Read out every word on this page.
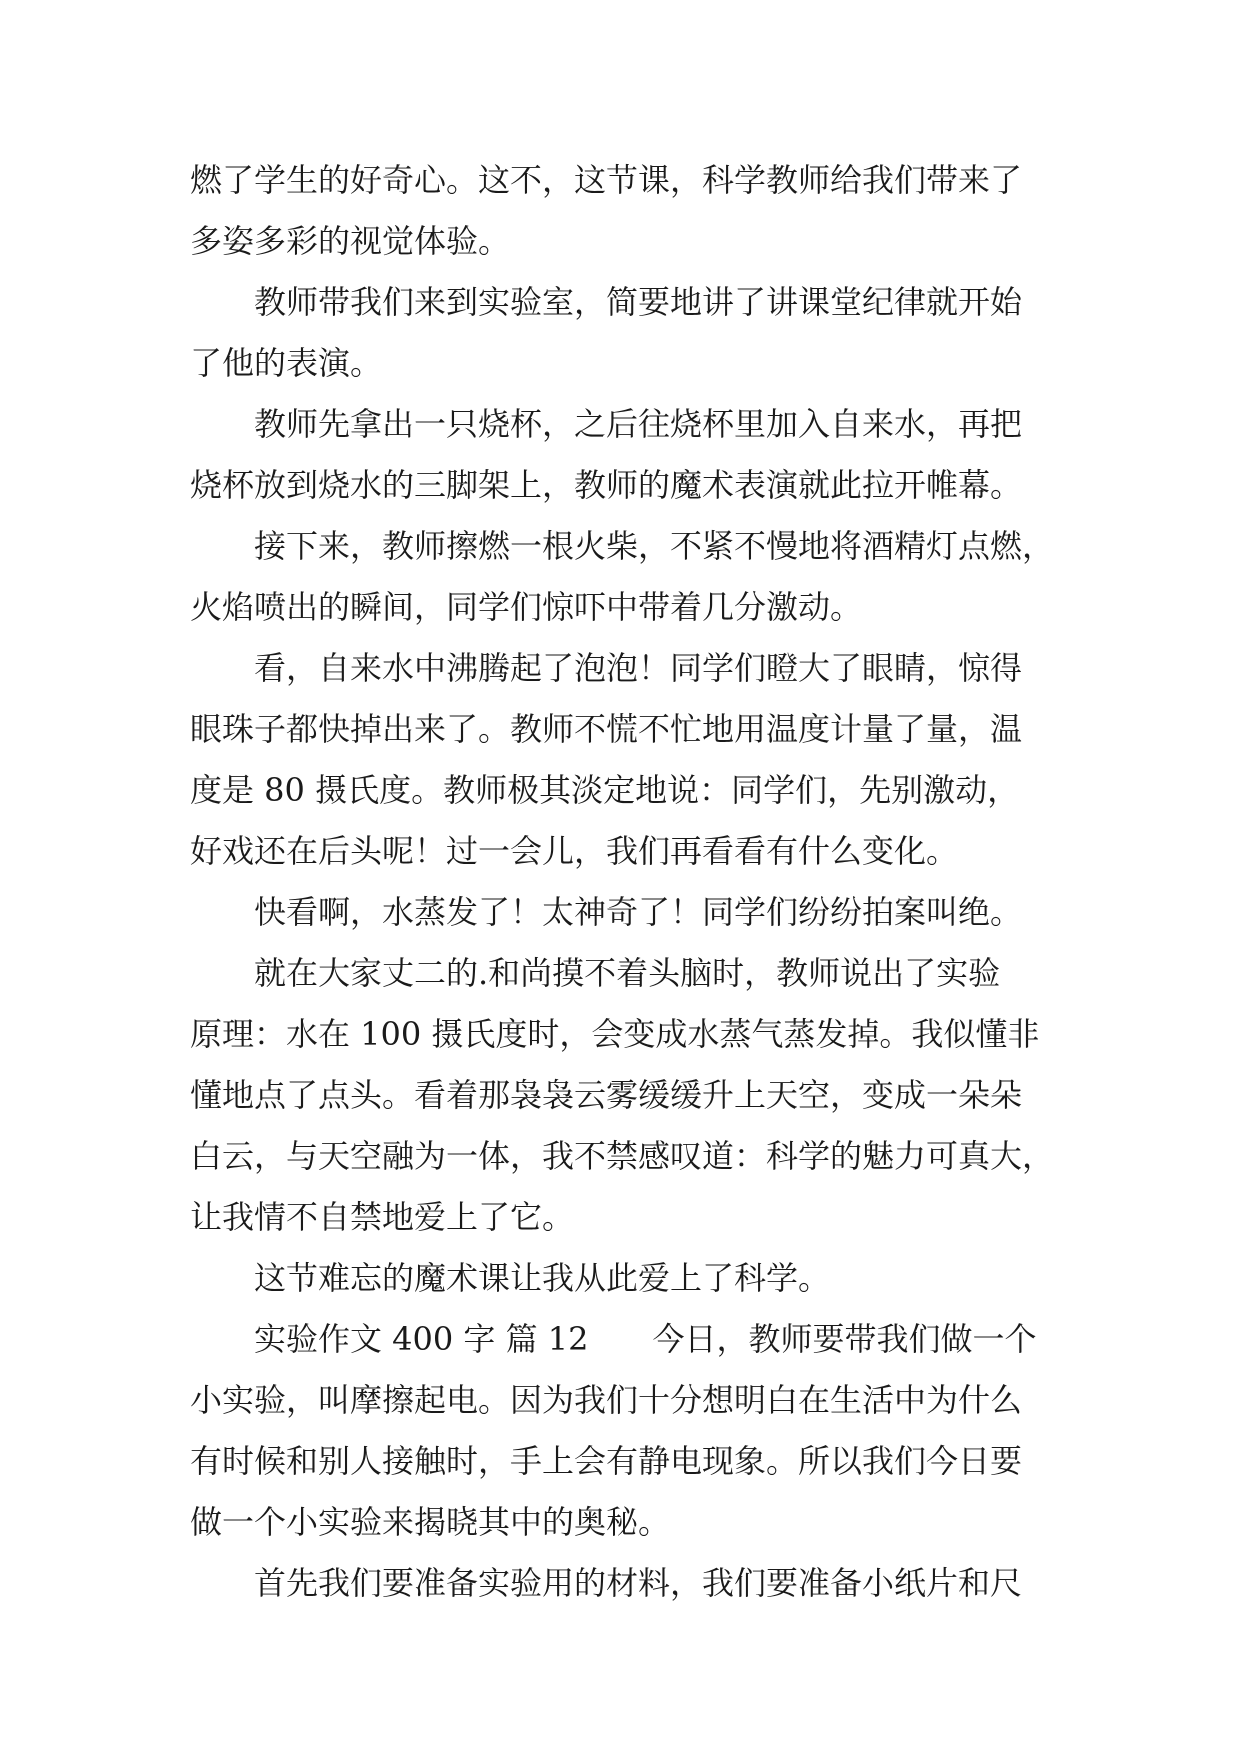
燃了学生的好奇心。这不，这节课，科学教师给我们带来了

多姿多彩的视觉体验。

教师带我们来到实验室，简要地讲了讲课堂纪律就开始

了他的表演。

教师先拿出一只烧杯，之后往烧杯里加入自来水，再把

烧杯放到烧水的三脚架上，教师的魔术表演就此拉开帷幕。

接下来，教师擦燃一根火柴，不紧不慢地将酒精灯点燃，

火焰喷出的瞬间，同学们惊吓中带着几分激动。

看，自来水中沸腾起了泡泡！同学们瞪大了眼睛，惊得

眼珠子都快掉出来了。教师不慌不忙地用温度计量了量，温

度是 80 摄氏度。教师极其淡定地说：同学们，先别激动，

好戏还在后头呢！过一会儿，我们再看看有什么变化。

快看啊，水蒸发了！太神奇了！同学们纷纷拍案叫绝。

就在大家丈二的.和尚摸不着头脑时，教师说出了实验

原理：水在 100 摄氏度时，会变成水蒸气蒸发掉。我似懂非

懂地点了点头。看着那袅袅云雾缓缓升上天空，变成一朵朵

白云，与天空融为一体，我不禁感叹道：科学的魅力可真大，

让我情不自禁地爱上了它。

这节难忘的魔术课让我从此爱上了科学。

实验作文 400 字 篇 12　　今日，教师要带我们做一个

小实验，叫摩擦起电。因为我们十分想明白在生活中为什么

有时候和别人接触时，手上会有静电现象。所以我们今日要

做一个小实验来揭晓其中的奥秘。

首先我们要准备实验用的材料，我们要准备小纸片和尺
